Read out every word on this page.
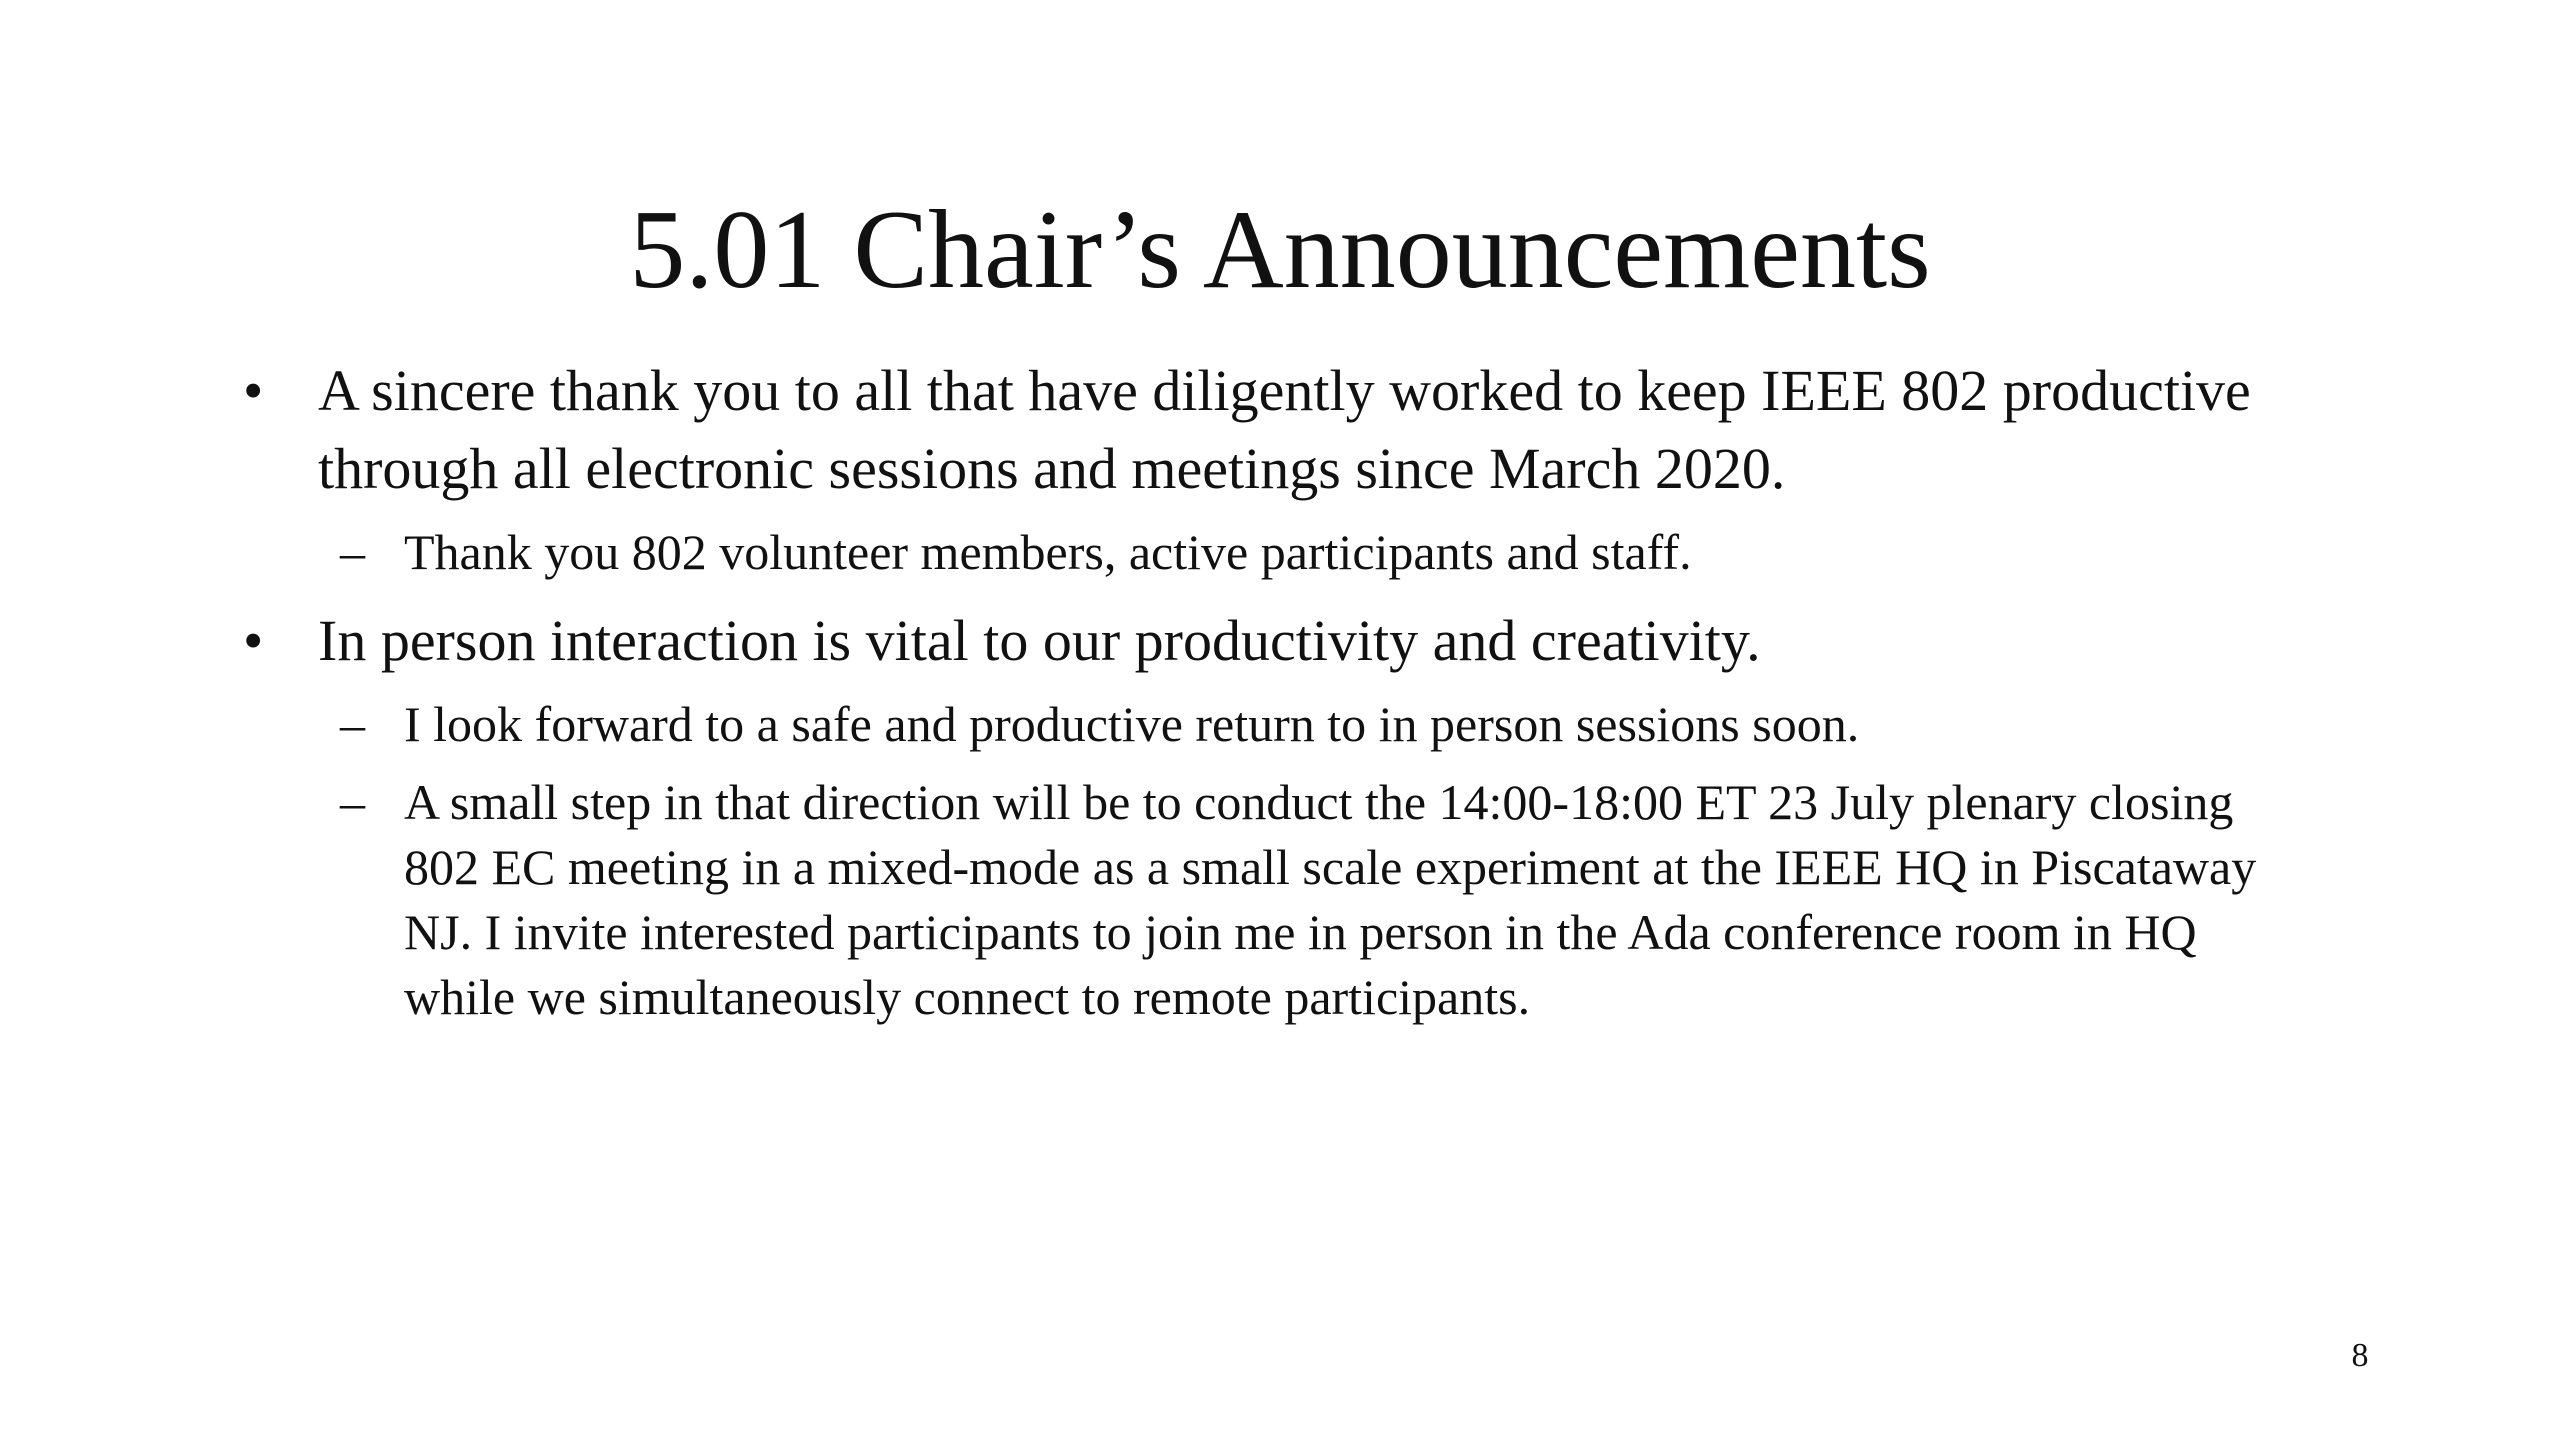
5.01 Chair’s Announcements
• A sincere thank you to all that have diligently worked to keep IEEE 802 productive through all electronic sessions and meetings since March 2020.

– Thank you 802 volunteer members, active participants and staff.

• In person interaction is vital to our productivity and creativity.

– I look forward to a safe and productive return to in person sessions soon.

– A small step in that direction will be to conduct the 14:00-18:00 ET 23 July plenary closing 802 EC meeting in a mixed-mode as a small scale experiment at the IEEE HQ in Piscataway NJ. I invite interested participants to join me in person in the Ada conference room in HQ while we simultaneously connect to remote participants.

8
